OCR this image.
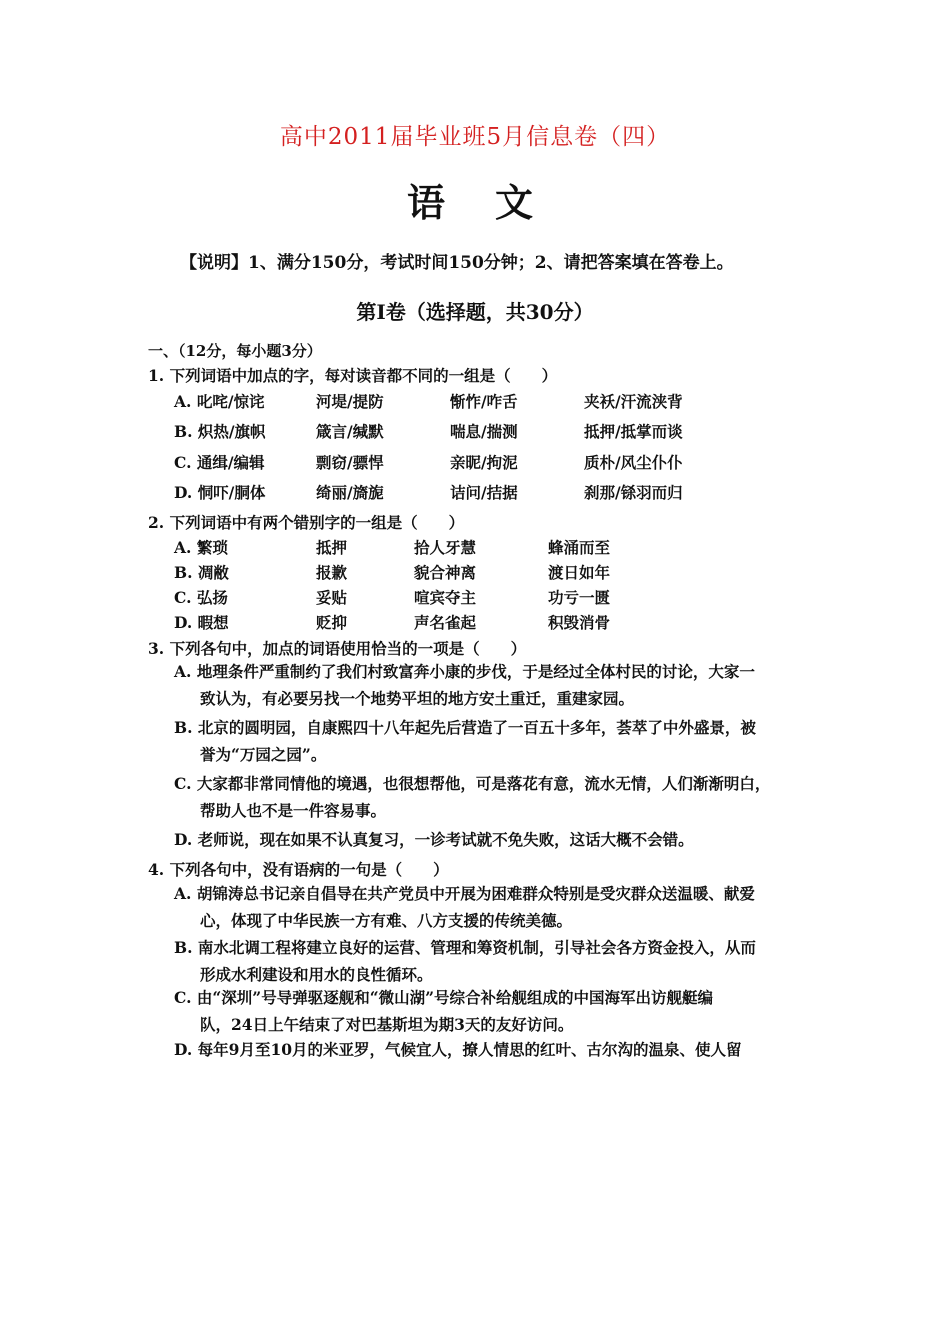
高中2011届毕业班5月信息卷（四）
语文
【说明】1、满分150分，考试时间150分钟；2、请把答案填在答卷上。
第Ⅰ卷（选择题，共30分）
一、（12分，每小题3分）
1. 下列词语中加点的字，每对读音都不同的一组是（　　）
A. 叱咤/惊诧	河堤/提防	惭怍/咋舌	夹袄/汗流浃背
B. 炽热/旗帜	箴言/缄默	喘息/揣测	抵押/抵掌而谈
C. 通缉/编辑	剽窃/骠悍	亲昵/拘泥	质朴/风尘仆仆
D. 恫吓/胴体	绮丽/旖旎	诘问/拮据	刹那/铩羽而归
2. 下列词语中有两个错别字的一组是（　　）
A. 繁琐	抵押	拾人牙慧	蜂涌而至
B. 凋敝	报歉	貌合神离	渡日如年
C. 弘扬	妥贴	喧宾夺主	功亏一匮
D. 暇想	贬抑	声名雀起	积毁消骨
3. 下列各句中，加点的词语使用恰当的一项是（　　）
A. 地理条件严重制约了我们村致富奔小康的步伐，于是经过全体村民的讨论，大家一
致认为，有必要另找一个地势平坦的地方安土重迁，重建家园。
B. 北京的圆明园，自康熙四十八年起先后营造了一百五十多年，荟萃了中外盛景，被
誉为“万园之园”。
C. 大家都非常同情他的境遇，也很想帮他，可是落花有意，流水无情，人们渐渐明白，
帮助人也不是一件容易事。
D. 老师说，现在如果不认真复习，一诊考试就不免失败，这话大概不会错。
4. 下列各句中，没有语病的一句是（　　）
A. 胡锦涛总书记亲自倡导在共产党员中开展为困难群众特别是受灾群众送温暖、献爱
心，体现了中华民族一方有难、八方支援的传统美德。
B. 南水北调工程将建立良好的运营、管理和筹资机制，引导社会各方资金投入，从而
形成水利建设和用水的良性循环。
C. 由“深圳”号导弹驱逐舰和“微山湖”号综合补给舰组成的中国海军出访舰艇编
队，24日上午结束了对巴基斯坦为期3天的友好访问。
D. 每年9月至10月的米亚罗，气候宜人，撩人情思的红叶、古尔沟的温泉、使人留
